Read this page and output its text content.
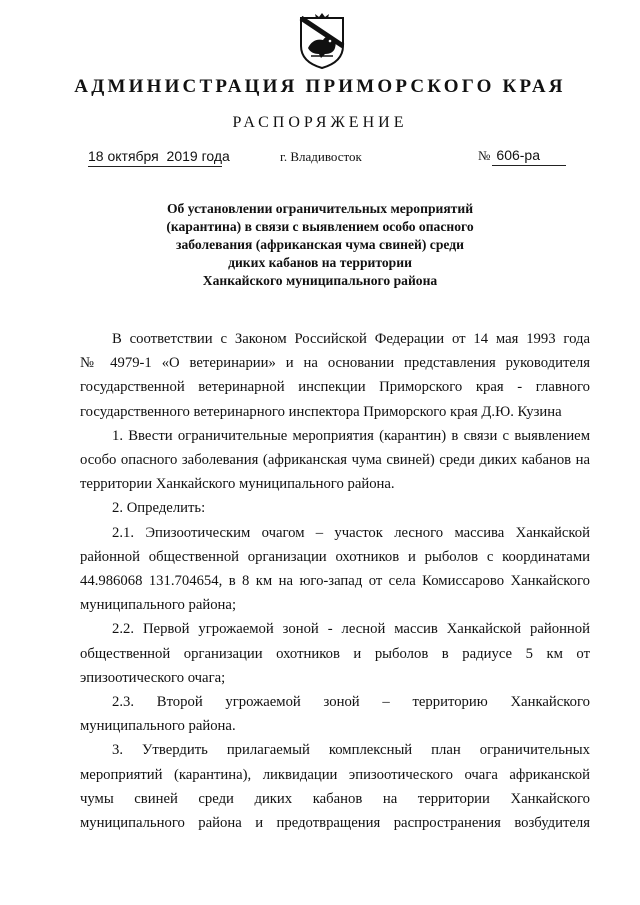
АДМИНИСТРАЦИЯ ПРИМОРСКОГО КРАЯ
РАСПОРЯЖЕНИЕ
18 октября  2019 года	г. Владивосток	№ 606-ра
Об установлении ограничительных мероприятий
(карантина) в связи с выявлением особо опасного
заболевания (африканская чума свиней) среди
диких кабанов на территории
Ханкайского муниципального района

В соответствии с Законом Российской Федерации от 14 мая 1993 года
№ 4979-1 «О ветеринарии» и на основании представления руководителя
государственной ветеринарной инспекции Приморского края - главного
государственного ветеринарного инспектора Приморского края Д.Ю. Кузина

1. Ввести ограничительные мероприятия (карантин) в связи с выявлением
особо опасного заболевания (африканская чума свиней) среди диких кабанов на
территории Ханкайского муниципального района.

2. Определить:

2.1. Эпизоотическим очагом – участок лесного массива Ханкайской
районной общественной организации охотников и рыболов с координатами
44.986068 131.704654, в 8 км на юго-запад от села Комиссарово Ханкайского
муниципального района;

2.2. Первой угрожаемой зоной - лесной массив Ханкайской районной
общественной организации охотников и рыболов в радиусе 5 км от
эпизоотического очага;

2.3. Второй угрожаемой зоной – территорию Ханкайского
муниципального района.

3. Утвердить прилагаемый комплексный план ограничительных
мероприятий (карантина), ликвидации эпизоотического очага африканской
чумы свиней среди диких кабанов на территории Ханкайского
муниципального района и предотвращения распространения возбудителя
